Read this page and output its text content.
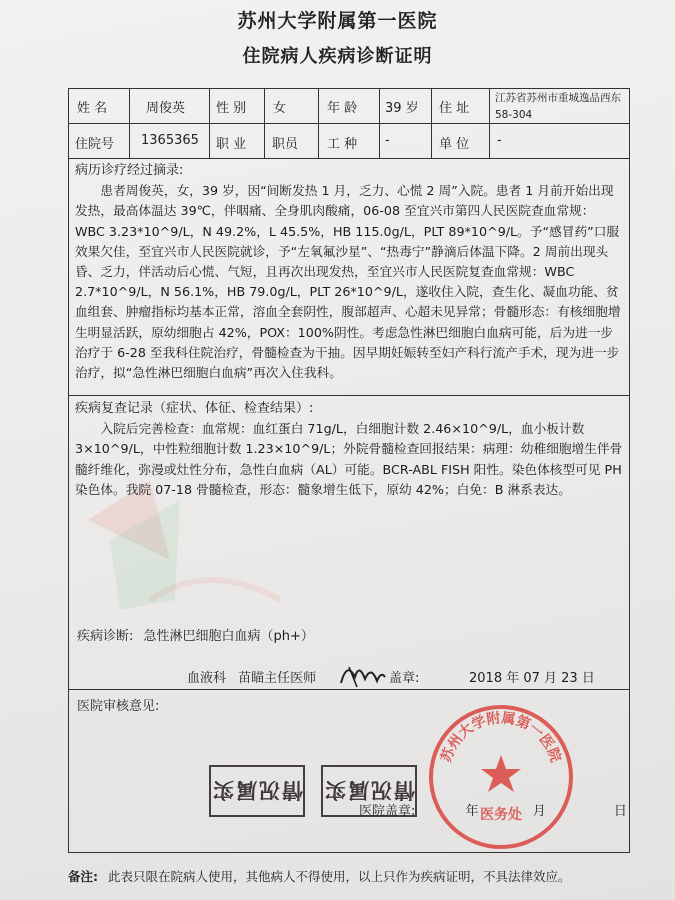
苏州大学附属第一医院
住院病人疾病诊断证明
姓 名	周俊英 性 别 女	年 龄 39 岁 住 址
江苏省苏州市重城逸品西东 58-304
住院号 1365365 职 业 职员 工 种 -	单 位 -

病历诊疗经过摘录:

患者周俊英，女，39 岁，因“间断发热 1 月，乏力、心慌 2 周”入院。患者 1 月前开始出现发热，最高体温达 39℃，伴咽痛、全身肌肉酸痛，06-08 至宜兴市第四人民医院查血常规：WBC 3.23*10^9/L，N 49.2%，L 45.5%，HB 115.0g/L，PLT 89*10^9/L。予“感冒药”口服效果欠佳，至宜兴市人民医院就诊，予“左氧氟沙星”、“热毒宁”静滴后体温下降。2 周前出现头昏、乏力，伴活动后心慌、气短，且再次出现发热，至宜兴市人民医院复查血常规：WBC 2.7*10^9/L，N 56.1%，HB 79.0g/L，PLT 26*10^9/L，遂收住入院，查生化、凝血功能、贫血组套、肿瘤指标均基本正常，溶血全套阴性，腹部超声、心超未见异常；骨髓形态：有核细胞增生明显活跃，原幼细胞占 42%，POX：100%阴性。考虑急性淋巴细胞白血病可能，后为进一步治疗于 6-28 至我科住院治疗，骨髓检查为干抽。因早期妊娠转至妇产科行流产手术，现为进一步治疗，拟“急性淋巴细胞白血病”再次入住我科。

疾病复查记录（症状、体征、检查结果）:

入院后完善检查：血常规：血红蛋白 71g/L，白细胞计数 2.46×10^9/L，血小板计数 3×10^9/L，中性粒细胞计数 1.23×10^9/L；外院骨髓检查回报结果：病理：幼稚细胞增生伴骨髓纤维化，弥漫或灶性分布，急性白血病（AL）可能。BCR-ABL FISH 阳性。染色体核型可见 PH 染色体。我院 07-18 骨髓检查，形态：髓象增生低下，原幼 42%；白免：B 淋系表达。

疾病诊断: 急性淋巴细胞白血病（ph+）
血液科 苗瞄主任医师	盖章:	2018 年 07 月 23 日
医院审核意见:
情况属实 情况属实
医院盖章:	年	月	日
苏州大学附属第一医院
医务处
备注: 此表只限在院病人使用，其他病人不得使用，以上只作为疾病证明，不具法律效应。
